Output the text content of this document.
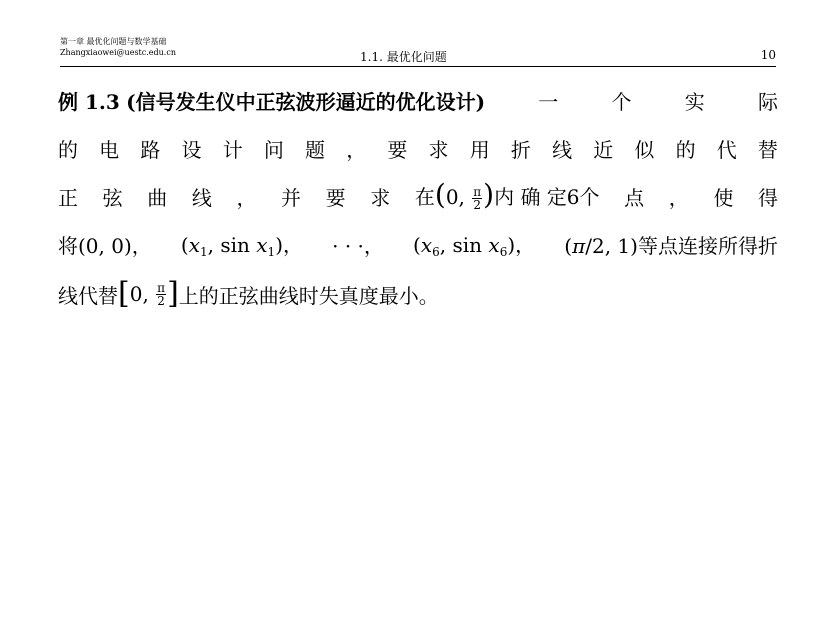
第一章 最优化问题与数学基础
Zhangxiaowei@uestc.edu.cn	1.1. 最优化问题	10
例 1.3 (信号发生仪中正弦波形逼近的优化设计)	一	个	实	际
的 电 路 设 计 问 题 ， 要 求 用 折 线 近 似 的 代 替
正 弦 曲 线 ， 并 要 求 在(0, $\frac{\pi}{2}$ )内 确 定6个 点 ， 使 得
将(0, 0)， ($x_1$, $\sin x_1$)， · · ·， ($x_6$, $\sin x_6$)， (π/2, 1)等点连接所得折
线代替 [ 0 , $\frac{\pi}{2}$ ] 上的正弦曲线时失真度最小。
